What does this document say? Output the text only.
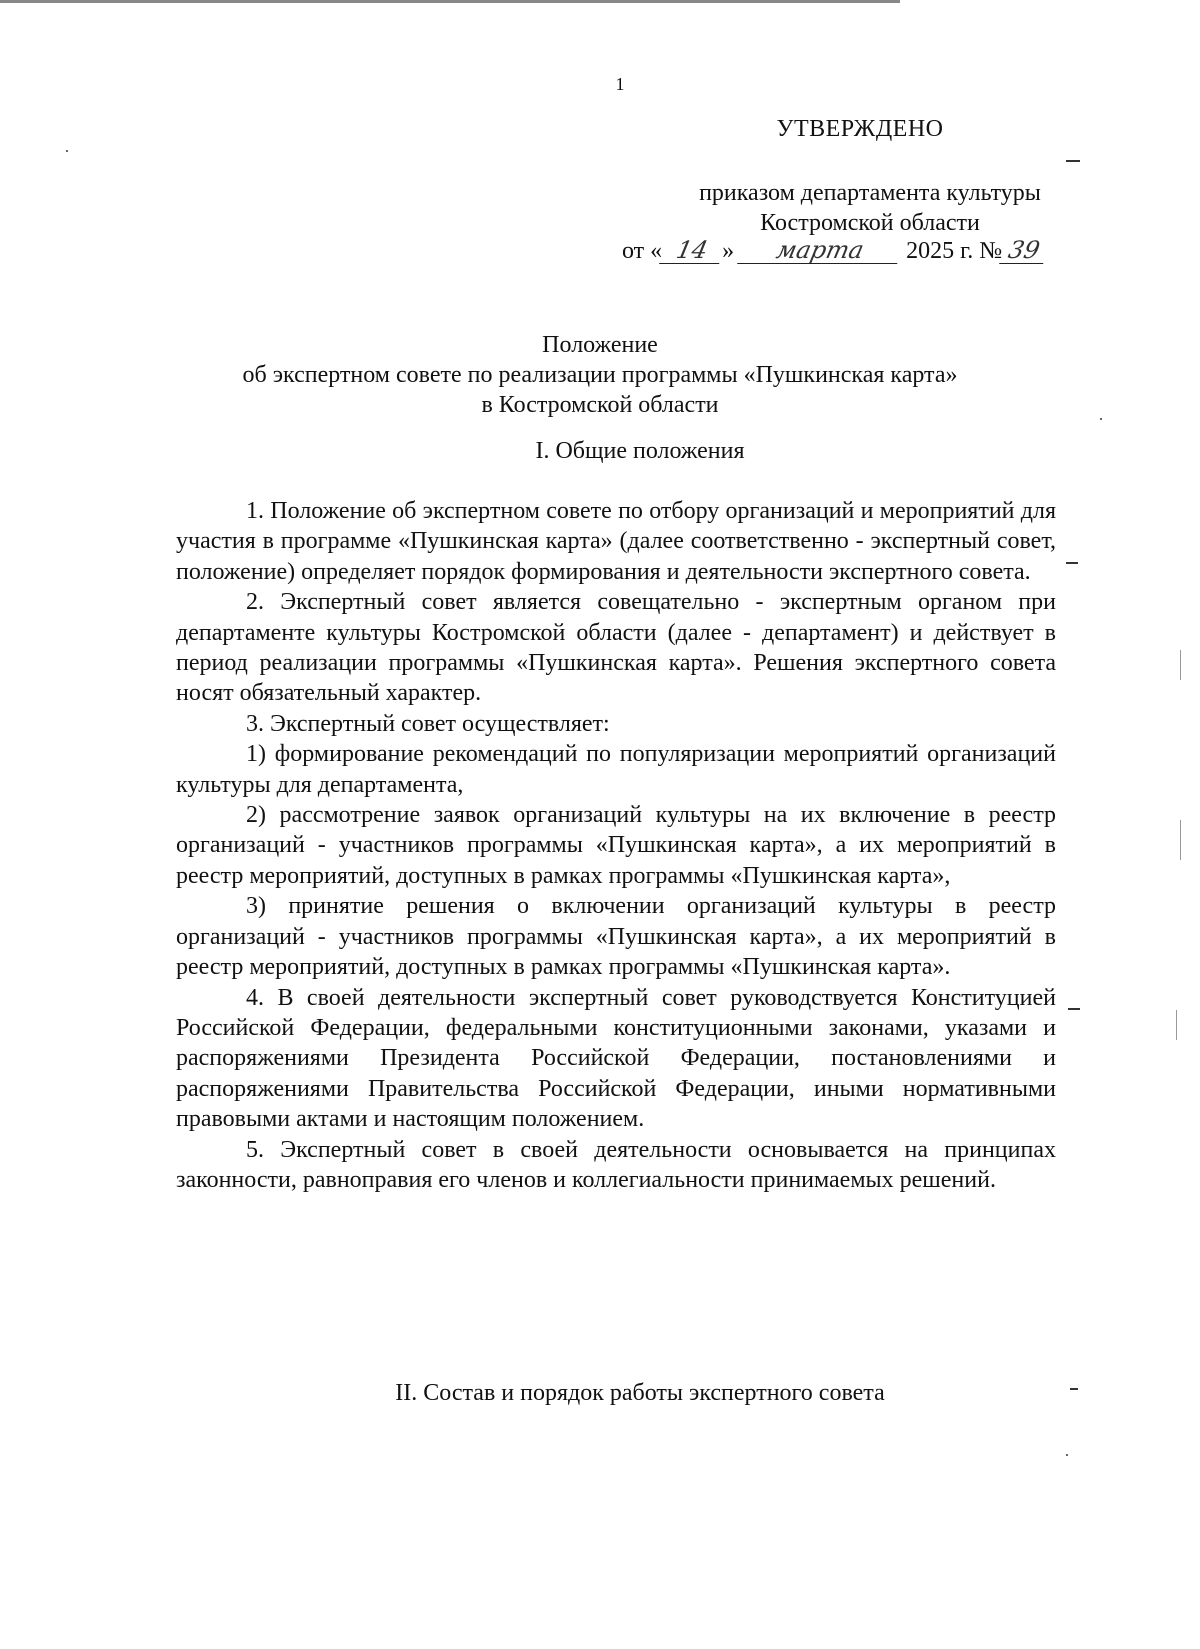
1
УТВЕРЖДЕНО
приказом департамента культуры
Костромской области
от « 14 » марта 2025 г. № 39
Положение
об экспертном совете по реализации программы «Пушкинская карта»
в Костромской области
I. Общие положения

1. Положение об экспертном совете по отбору организаций и мероприятий для участия в программе «Пушкинская карта» (далее соответственно - экспертный совет, положение) определяет порядок формирования и деятельности экспертного совета.

2. Экспертный совет является совещательно - экспертным органом при департаменте культуры Костромской области (далее - департамент) и действует в период реализации программы «Пушкинская карта». Решения экспертного совета носят обязательный характер.

3. Экспертный совет осуществляет:

1) формирование рекомендаций по популяризации мероприятий организаций культуры для департамента,

2) рассмотрение заявок организаций культуры на их включение в реестр организаций - участников программы «Пушкинская карта», а их мероприятий в реестр мероприятий, доступных в рамках программы «Пушкинская карта»,

3) принятие решения о включении организаций культуры в реестр организаций - участников программы «Пушкинская карта», а их мероприятий в реестр мероприятий, доступных в рамках программы «Пушкинская карта».

4. В своей деятельности экспертный совет руководствуется Конституцией Российской Федерации, федеральными конституционными законами, указами и распоряжениями Президента Российской Федерации, постановлениями и распоряжениями Правительства Российской Федерации, иными нормативными правовыми актами и настоящим положением.

5. Экспертный совет в своей деятельности основывается на принципах законности, равноправия его членов и коллегиальности принимаемых решений.

II. Состав и порядок работы экспертного совета
